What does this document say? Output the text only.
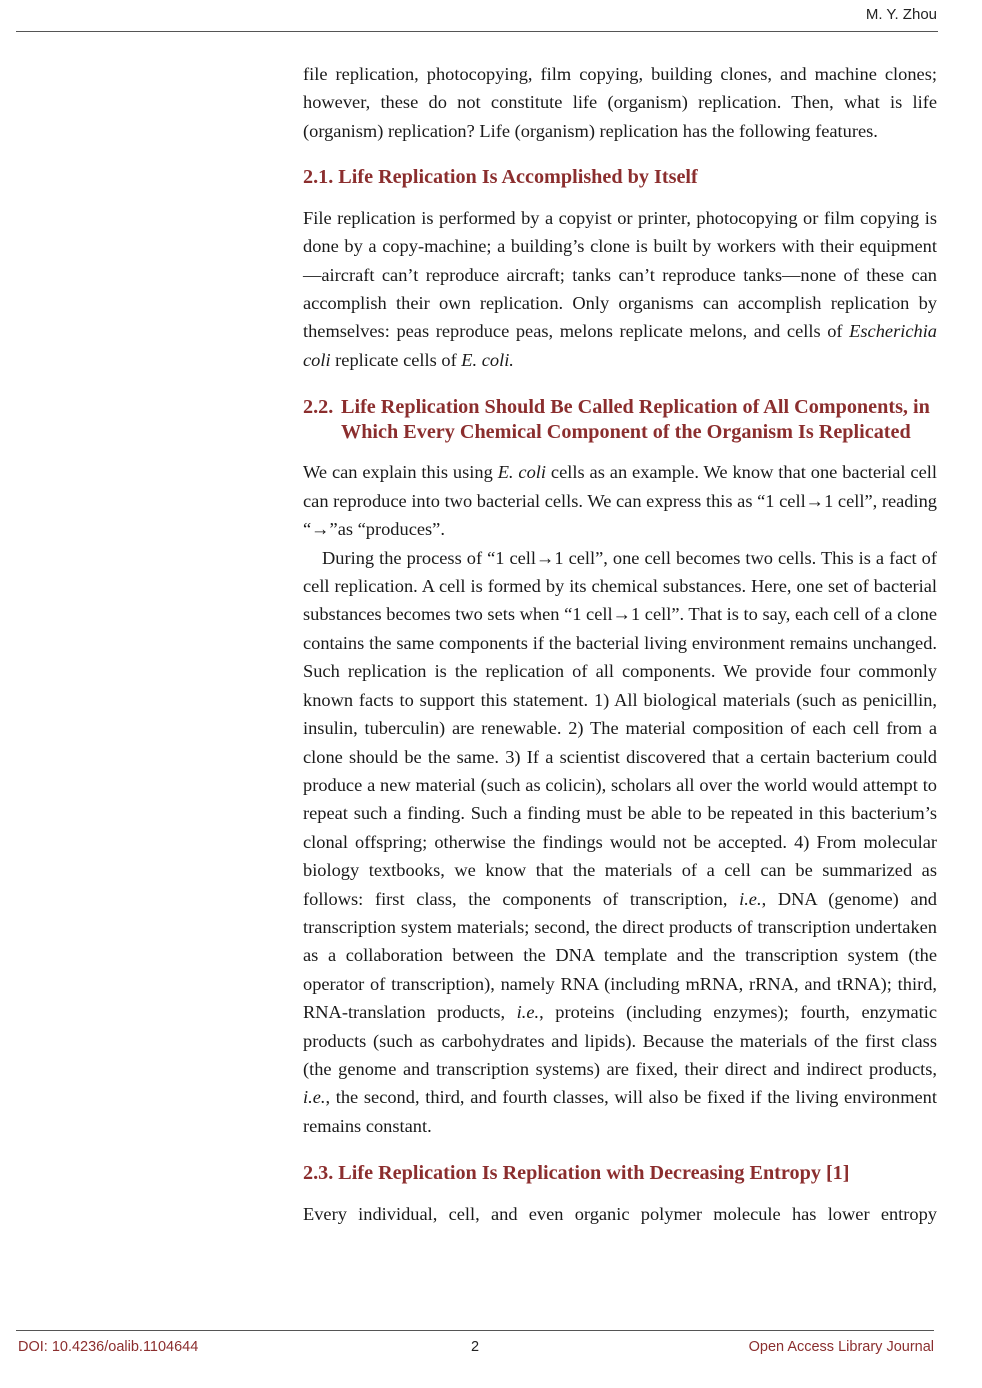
M. Y. Zhou

file replication, photocopying, film copying, building clones, and machine clones; however, these do not constitute life (organism) replication. Then, what is life (organism) replication? Life (organism) replication has the following features.

2.1. Life Replication Is Accomplished by Itself

File replication is performed by a copyist or printer, photocopying or film copying is done by a copy-machine; a building’s clone is built by workers with their equipment—aircraft can’t reproduce aircraft; tanks can’t reproduce tanks—none of these can accomplish their own replication. Only organisms can accomplish replication by themselves: peas reproduce peas, melons replicate melons, and cells of Escherichia coli replicate cells of E. coli.

2.2. Life Replication Should Be Called Replication of All Components, in Which Every Chemical Component of the Organism Is Replicated

We can explain this using E. coli cells as an example. We know that one bacterial cell can reproduce into two bacterial cells. We can express this as “1 cell→1 cell”, reading “→”as “produces”.

During the process of “1 cell→1 cell”, one cell becomes two cells. This is a fact of cell replication. A cell is formed by its chemical substances. Here, one set of bacterial substances becomes two sets when “1 cell→1 cell”. That is to say, each cell of a clone contains the same components if the bacterial living environment remains unchanged. Such replication is the replication of all components. We provide four commonly known facts to support this statement. 1) All biological materials (such as penicillin, insulin, tuberculin) are renewable. 2) The material composition of each cell from a clone should be the same. 3) If a scientist discovered that a certain bacterium could produce a new material (such as colicin), scholars all over the world would attempt to repeat such a finding. Such a finding must be able to be repeated in this bacterium’s clonal offspring; otherwise the findings would not be accepted. 4) From molecular biology textbooks, we know that the materials of a cell can be summarized as follows: first class, the components of transcription, i.e., DNA (genome) and transcription system materials; second, the direct products of transcription undertaken as a collaboration between the DNA template and the transcription system (the operator of transcription), namely RNA (including mRNA, rRNA, and tRNA); third, RNA-translation products, i.e., proteins (including enzymes); fourth, enzymatic products (such as carbohydrates and lipids). Because the materials of the first class (the genome and transcription systems) are fixed, their direct and indirect products, i.e., the second, third, and fourth classes, will also be fixed if the living environment remains constant.

2.3. Life Replication Is Replication with Decreasing Entropy [1]

Every individual, cell, and even organic polymer molecule has lower entropy

DOI: 10.4236/oalib.1104644	2	Open Access Library Journal
